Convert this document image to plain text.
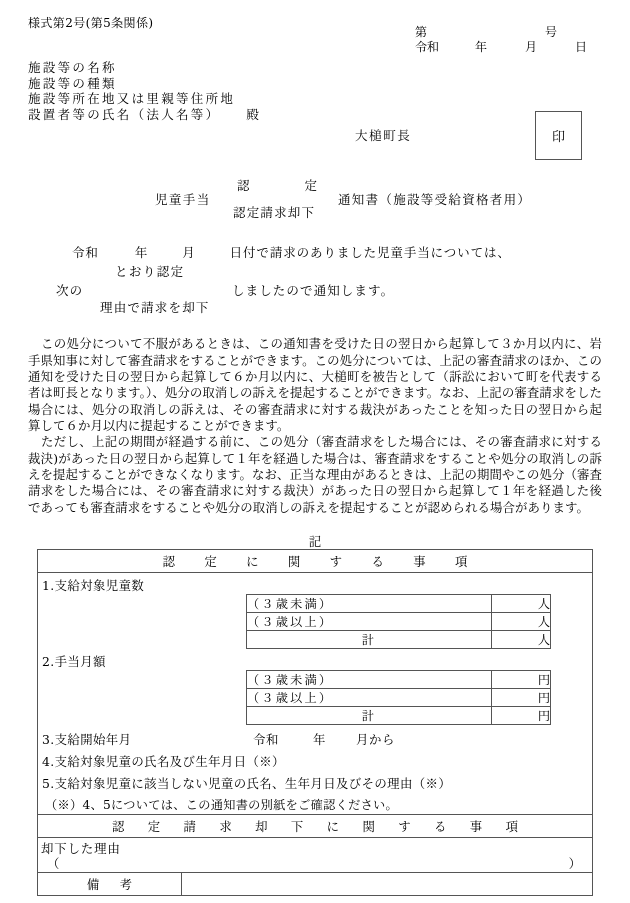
様式第2号(第5条関係)
第	号
令和	年	月	日
施設等の名称
施設等の種類
施設等所在地又は里親等住所地
設置者等の氏名（法人名等） 殿
大槌町長	印
児童手当
認　　定
認定請求却下
通知書（施設等受給資格者用）
令和	年	月	日付で請求のありました児童手当については、
次の
とおり認定
理由で請求を却下
しましたので通知します。

この処分について不服があるときは、この通知書を受けた日の翌日から起算して３か月以内に、岩手県知事に対して審査請求をすることができます。この処分については、上記の審査請求のほか、この通知を受けた日の翌日から起算して６か月以内に、大槌町を被告として（訴訟において町を代表する者は町長となります。）、処分の取消しの訴えを提起することができます。なお、上記の審査請求をした場合には、処分の取消しの訴えは、その審査請求に対する裁決があったことを知った日の翌日から起算して６か月以内に提起することができます。

ただし、上記の期間が経過する前に、この処分（審査請求をした場合には、その審査請求に対する裁決)があった日の翌日から起算して１年を経過した場合は、審査請求をすることや処分の取消しの訴えを提起することができなくなります。なお、正当な理由があるときは、上記の期間やこの処分（審査請求をした場合には、その審査請求に対する裁決）があった日の翌日から起算して１年を経過した後であっても審査請求をすることや処分の取消しの訴えを提起することが認められる場合があります。

記
認　定　に　関　す　る　事　項

1.支給対象児童数
（３歳未満）	人
（３歳以上）	人
計	人
2.手当月額
（３歳未満）	円
（３歳以上）	円
計	円
3.支給開始年月	令和	年 月から
4.支給対象児童の氏名及び生年月日（※）
5.支給対象児童に該当しない児童の氏名、生年月日及びその理由（※）
（※）4、5については、この通知書の別紙をご確認ください。

認　定　請　求　却　下　に　関　す　る　事　項

却下した理由
（	）

備　考	
